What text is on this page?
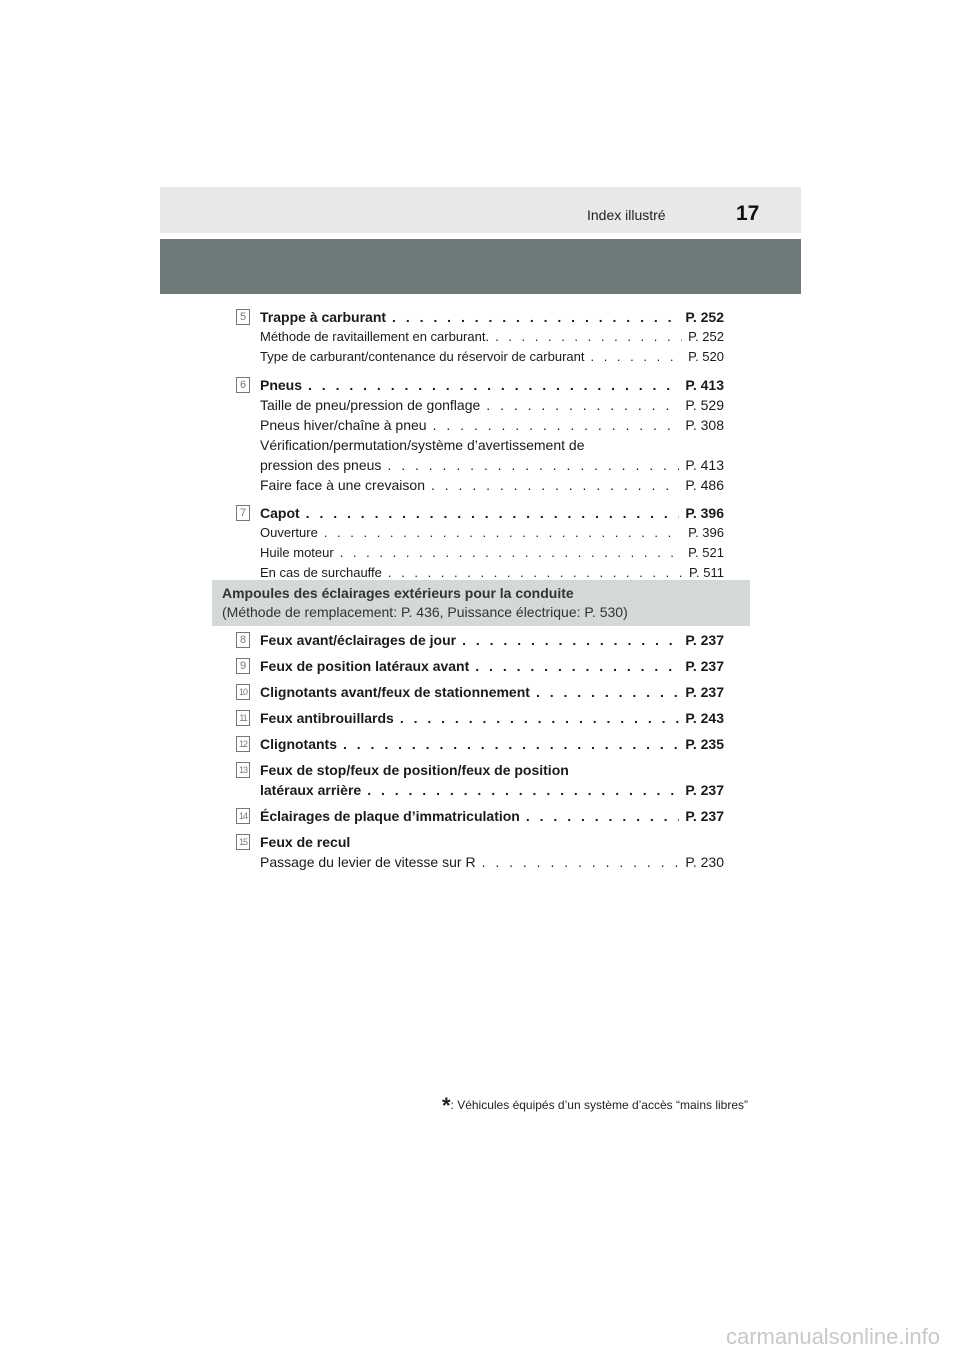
Index illustré	17
5 Trappe à carburant . . .	P. 252
Méthode de ravitaillement en carburant. . . .	P. 252
Type de carburant/contenance du réservoir de carburant . . .	P. 520
6 Pneus . . .	P. 413
Taille de pneu/pression de gonflage . . .	P. 529
Pneus hiver/chaîne à pneu . . .	P. 308
Vérification/permutation/système d’avertissement de
pression des pneus . . .	P. 413
Faire face à une crevaison . . .	P. 486
7 Capot . . .	P. 396
Ouverture . . .	P. 396
Huile moteur . . .	P. 521
En cas de surchauffe . . .	P. 511
Ampoules des éclairages extérieurs pour la conduite
(Méthode de remplacement: P. 436, Puissance électrique: P. 530)
8 Feux avant/éclairages de jour . . .	P. 237
9 Feux de position latéraux avant . . .	P. 237
10 Clignotants avant/feux de stationnement . . .	P. 237
11 Feux antibrouillards . . .	P. 243
12 Clignotants . . .	P. 235
13 Feux de stop/feux de position/feux de position
latéraux arrière . . .	P. 237
14 Éclairages de plaque d’immatriculation . . .	P. 237
15 Feux de recul
Passage du levier de vitesse sur R . . .	P. 230
*: Véhicules équipés d’un système d’accès “mains libres”
carmanualsonline.info
